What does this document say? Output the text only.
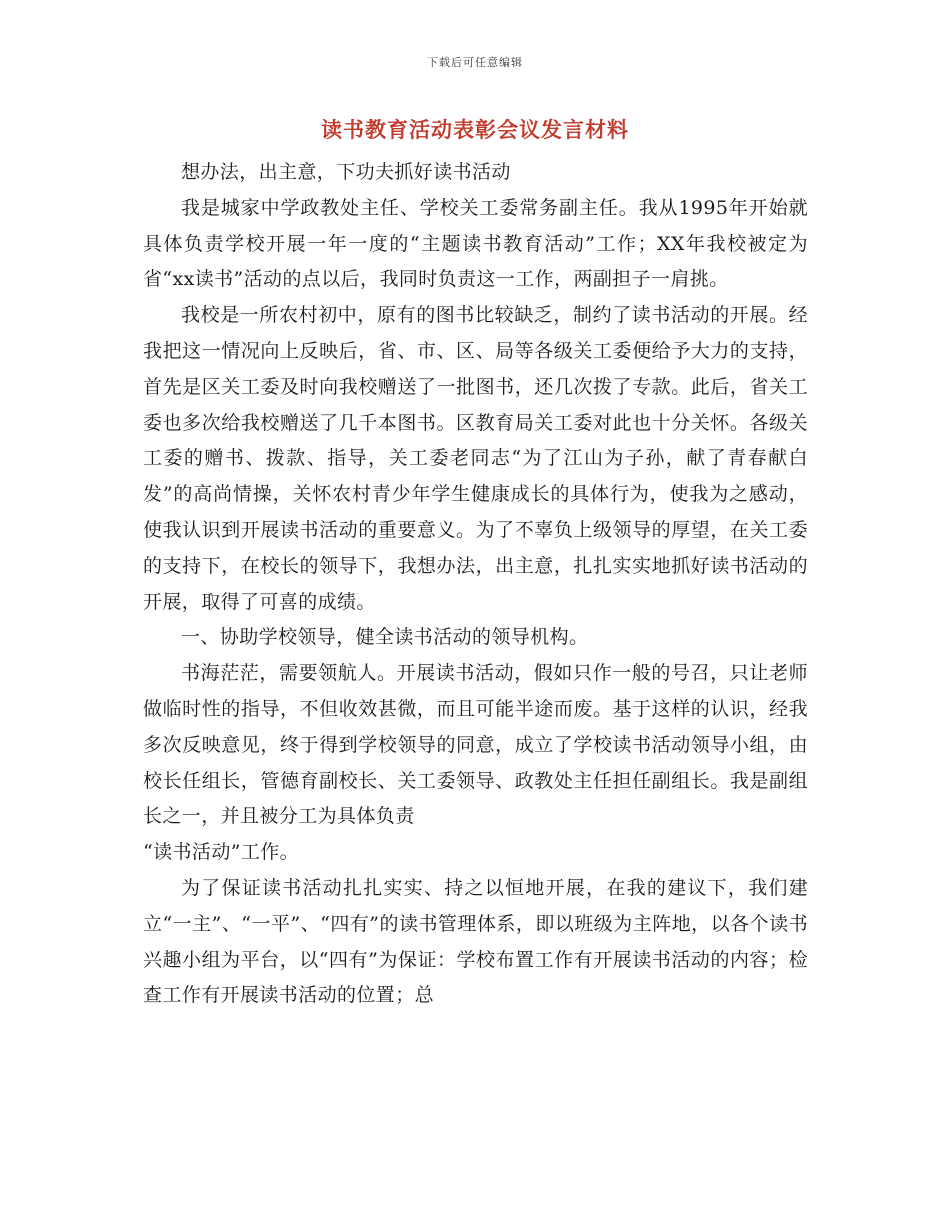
下载后可任意编辑
读书教育活动表彰会议发言材料

想办法，出主意，下功夫抓好读书活动

我是城家中学政教处主任、学校关工委常务副主任。我从1995年开始就具体负责学校开展一年一度的“主题读书教育活动”工作；XX年我校被定为省“xx读书”活动的点以后，我同时负责这一工作，两副担子一肩挑。

我校是一所农村初中，原有的图书比较缺乏，制约了读书活动的开展。经我把这一情况向上反映后，省、市、区、局等各级关工委便给予大力的支持，首先是区关工委及时向我校赠送了一批图书，还几次拨了专款。此后，省关工委也多次给我校赠送了几千本图书。区教育局关工委对此也十分关怀。各级关工委的赠书、拨款、指导，关工委老同志“为了江山为子孙，献了青春献白发”的高尚情操，关怀农村青少年学生健康成长的具体行为，使我为之感动，使我认识到开展读书活动的重要意义。为了不辜负上级领导的厚望，在关工委的支持下，在校长的领导下，我想办法，出主意，扎扎实实地抓好读书活动的开展，取得了可喜的成绩。

一、协助学校领导，健全读书活动的领导机构。

书海茫茫，需要领航人。开展读书活动，假如只作一般的号召，只让老师做临时性的指导，不但收效甚微，而且可能半途而废。基于这样的认识，经我多次反映意见，终于得到学校领导的同意，成立了学校读书活动领导小组，由校长任组长，管德育副校长、关工委领导、政教处主任担任副组长。我是副组长之一，并且被分工为具体负责

“读书活动”工作。

为了保证读书活动扎扎实实、持之以恒地开展，在我的建议下，我们建立“一主”、“一平”、“四有”的读书管理体系，即以班级为主阵地，以各个读书兴趣小组为平台，以“四有”为保证：学校布置工作有开展读书活动的内容；检查工作有开展读书活动的位置；总
